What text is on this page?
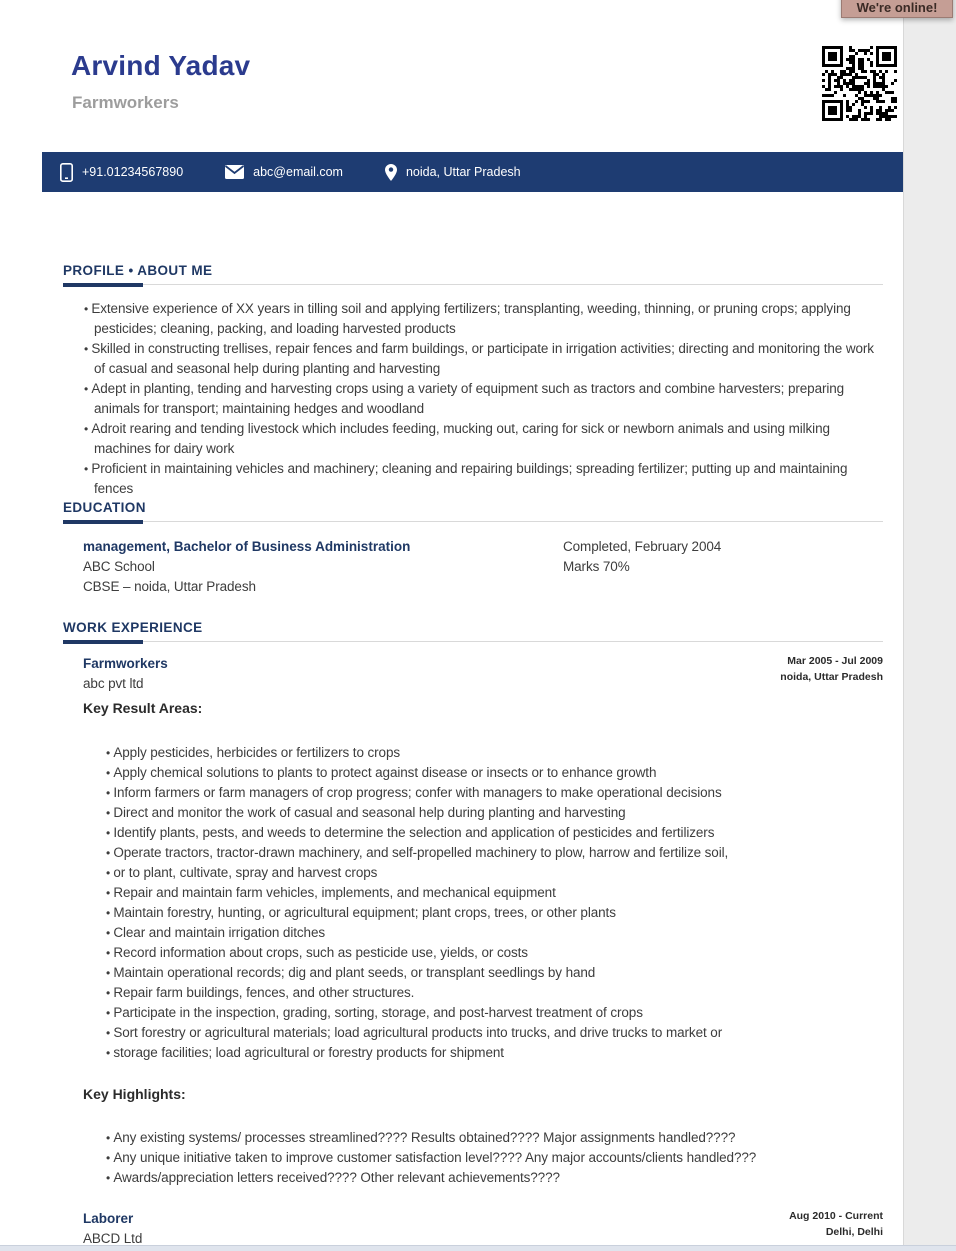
We're online!
Arvind Yadav
Farmworkers
+91.01234567890	abc@email.com	noida, Uttar Pradesh
PROFILE • ABOUT ME
• Extensive experience of XX years in tilling soil and applying fertilizers; transplanting, weeding, thinning, or pruning crops; applying pesticides; cleaning, packing, and loading harvested products
• Skilled in constructing trellises, repair fences and farm buildings, or participate in irrigation activities; directing and monitoring the work of casual and seasonal help during planting and harvesting
• Adept in planting, tending and harvesting crops using a variety of equipment such as tractors and combine harvesters; preparing animals for transport; maintaining hedges and woodland
• Adroit rearing and tending livestock which includes feeding, mucking out, caring for sick or newborn animals and using milking machines for dairy work
• Proficient in maintaining vehicles and machinery; cleaning and repairing buildings; spreading fertilizer; putting up and maintaining fences
EDUCATION
management, Bachelor of Business Administration
ABC School
CBSE – noida, Uttar Pradesh
Completed, February 2004
Marks 70%
WORK EXPERIENCE
Farmworkers
abc pvt ltd
Mar 2005 - Jul 2009
noida, Uttar Pradesh
Key Result Areas:
• Apply pesticides, herbicides or fertilizers to crops
• Apply chemical solutions to plants to protect against disease or insects or to enhance growth
• Inform farmers or farm managers of crop progress; confer with managers to make operational decisions
• Direct and monitor the work of casual and seasonal help during planting and harvesting
• Identify plants, pests, and weeds to determine the selection and application of pesticides and fertilizers
• Operate tractors, tractor-drawn machinery, and self-propelled machinery to plow, harrow and fertilize soil,
• or to plant, cultivate, spray and harvest crops
• Repair and maintain farm vehicles, implements, and mechanical equipment
• Maintain forestry, hunting, or agricultural equipment; plant crops, trees, or other plants
• Clear and maintain irrigation ditches
• Record information about crops, such as pesticide use, yields, or costs
• Maintain operational records; dig and plant seeds, or transplant seedlings by hand
• Repair farm buildings, fences, and other structures.
• Participate in the inspection, grading, sorting, storage, and post-harvest treatment of crops
• Sort forestry or agricultural materials; load agricultural products into trucks, and drive trucks to market or
• storage facilities; load agricultural or forestry products for shipment
Key Highlights:
• Any existing systems/ processes streamlined???? Results obtained???? Major assignments handled????
• Any unique initiative taken to improve customer satisfaction level???? Any major accounts/clients handled???
• Awards/appreciation letters received???? Other relevant achievements????
Laborer
ABCD Ltd
Aug 2010 - Current
Delhi, Delhi
